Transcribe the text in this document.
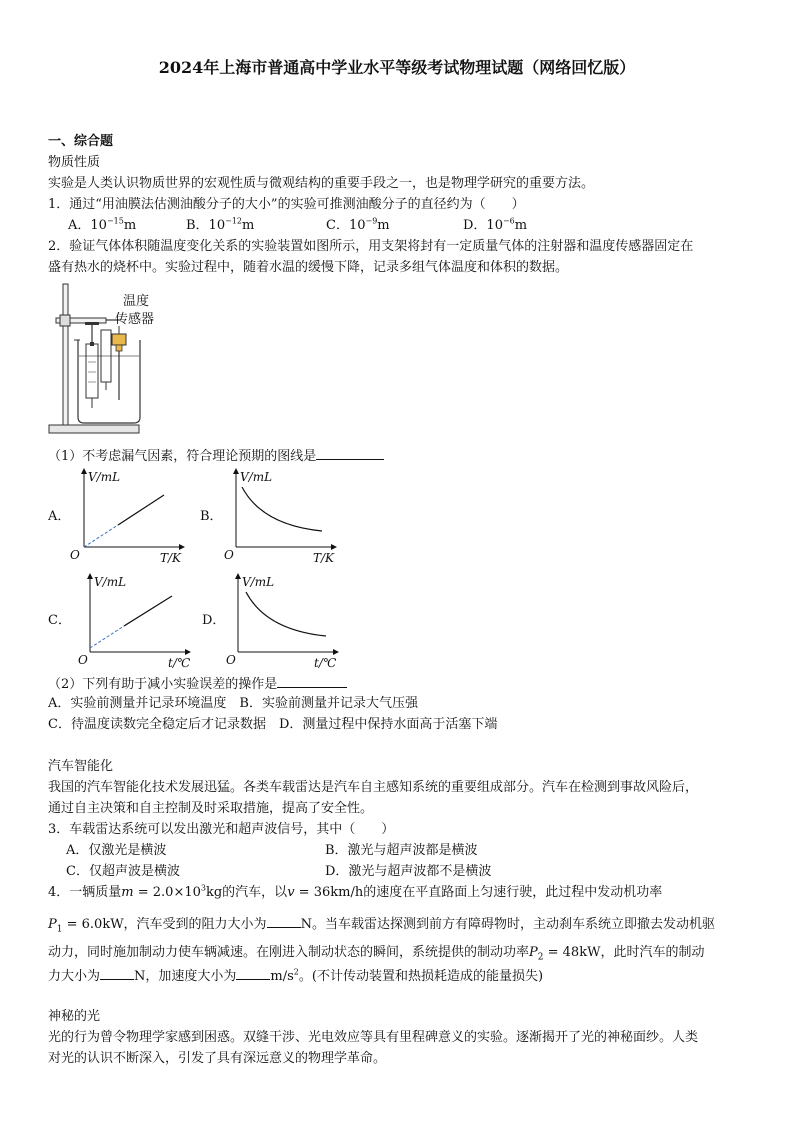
2024年上海市普通高中学业水平等级考试物理试题（网络回忆版）
一、综合题
物质性质
实验是人类认识物质世界的宏观性质与微观结构的重要手段之一，也是物理学研究的重要方法。
1．通过“用油膜法估测油酸分子的大小”的实验可推测油酸分子的直径约为（　　）
A．$10^{-15}m$	B．$10^{-12}m$	C．$10^{-9}m$	D．$10^{-6}m$
2．验证气体体积随温度变化关系的实验装置如图所示，用支架将封有一定质量气体的注射器和温度传感器固定在
盛有热水的烧杯中。实验过程中，随着水温的缓慢下降，记录多组气体温度和体积的数据。
温度
传感器
（1）不考虑漏气因素，符合理论预期的图线是
A．
V/mL
O	T/K
B．
V/mL
O	T/K
C．
V/mL
O	t/℃
D．
V/mL
O	t/℃
（2）下列有助于减小实验误差的操作是
A．实验前测量并记录环境温度　B．实验前测量并记录大气压强
C．待温度读数完全稳定后才记录数据　D．测量过程中保持水面高于活塞下端
汽车智能化
我国的汽车智能化技术发展迅猛。各类车载雷达是汽车自主感知系统的重要组成部分。汽车在检测到事故风险后，
通过自主决策和自主控制及时采取措施，提高了安全性。
3．车载雷达系统可以发出激光和超声波信号，其中（　　）
A．仅激光是横波	B．激光与超声波都是横波
C．仅超声波是横波	D．激光与超声波都不是横波
4．一辆质量$m = 2.0\times 10^3kg$的汽车，以v = 36km/h的速度在平直路面上匀速行驶，此过程中发动机功率
$P_1 = 6.0kW$，汽车受到的阻力大小为	N。当车载雷达探测到前方有障碍物时，主动刹车系统立即撤去发动机驱
动力，同时施加制动力使车辆减速。在刚进入制动状态的瞬间，系统提供的制动功率$P_2 = 48kW$，此时汽车的制动
力大小为	N，加速度大小为	$m/s^2$。(不计传动装置和热损耗造成的能量损失)
神秘的光
光的行为曾令物理学家感到困惑。双缝干涉、光电效应等具有里程碑意义的实验。逐渐揭开了光的神秘面纱。人类
对光的认识不断深入，引发了具有深远意义的物理学革命。
